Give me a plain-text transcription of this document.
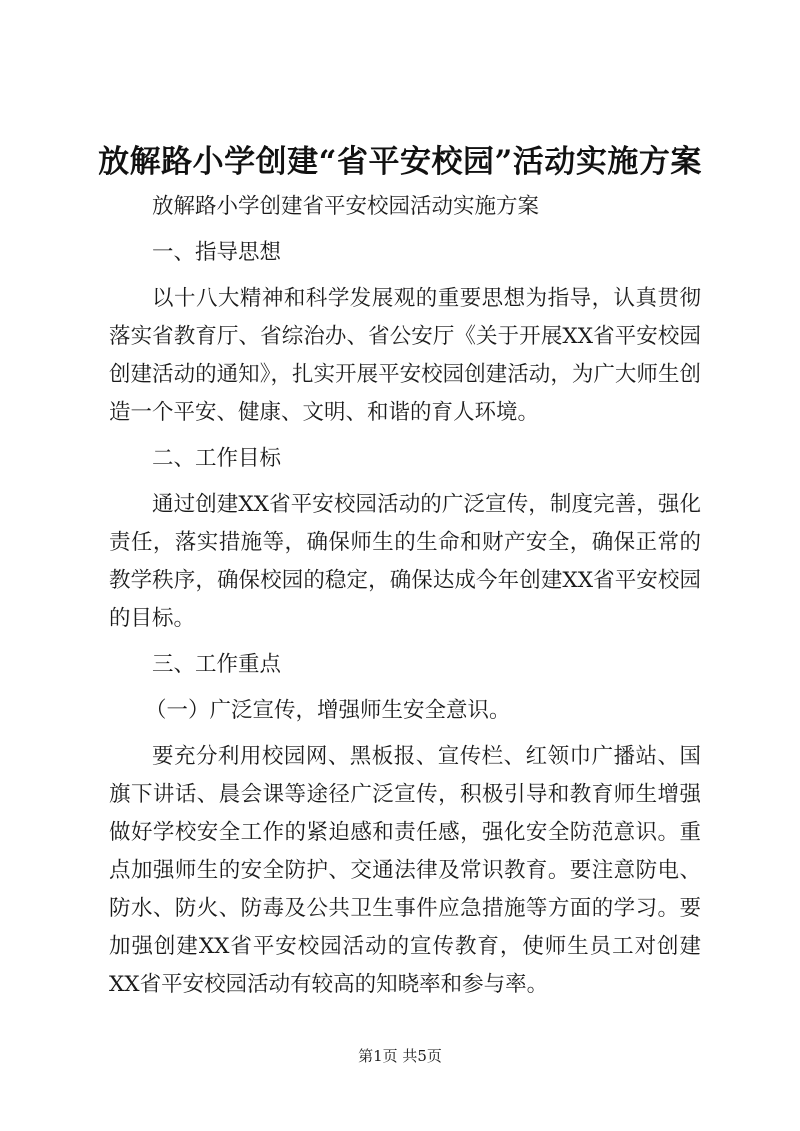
放解路小学创建“省平安校园”活动实施方案

放解路小学创建省平安校园活动实施方案

一、指导思想

以十八大精神和科学发展观的重要思想为指导，认真贯彻落实省教育厅、省综治办、省公安厅《关于开展XX省平安校园创建活动的通知》，扎实开展平安校园创建活动，为广大师生创造一个平安、健康、文明、和谐的育人环境。

二、工作目标

通过创建XX省平安校园活动的广泛宣传，制度完善，强化责任，落实措施等，确保师生的生命和财产安全，确保正常的教学秩序，确保校园的稳定，确保达成今年创建XX省平安校园的目标。

三、工作重点

（一）广泛宣传，增强师生安全意识。

要充分利用校园网、黑板报、宣传栏、红领巾广播站、国旗下讲话、晨会课等途径广泛宣传，积极引导和教育师生增强做好学校安全工作的紧迫感和责任感，强化安全防范意识。重点加强师生的安全防护、交通法律及常识教育。要注意防电、防水、防火、防毒及公共卫生事件应急措施等方面的学习。要加强创建XX省平安校园活动的宣传教育，使师生员工对创建XX省平安校园活动有较高的知晓率和参与率。

第1页 共5页
